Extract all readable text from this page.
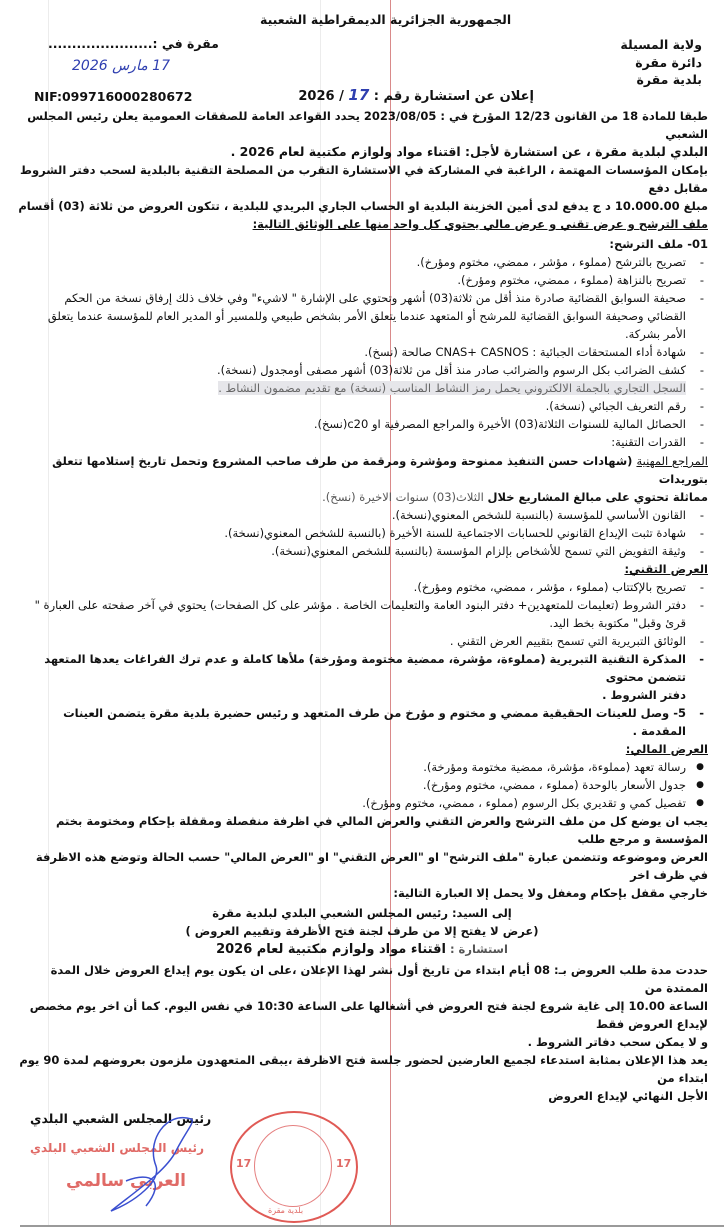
الجمهورية الجزائرية الديمقراطية الشعبية
ولاية المسيلة
دائرة مقرة
بلدية مقرة
مقرة في :......................
17 مارس 2026
NIF:099716000280672	إعلان عن استشارة رقم : 17 / 2026
طبقا للمادة 18 من القانون 12/23 المؤرخ في : 2023/08/05 يحدد القواعد العامة للصفقات العمومية يعلن رئيس المجلس الشعبي
البلدي لبلدية مقرة ، عن استشارة لأجل: اقتناء مواد ولوازم مكتبية لعام 2026 .
بإمكان المؤسسات المهتمة ، الراغبة في المشاركة في الاستشارة التقرب من المصلحة التقنية بالبلدية لسحب دفتر الشروط مقابل دفع
مبلغ 10.000.00 د ج يدفع لدى أمين الخزينة البلدية او الحساب الجاري البريدي للبلدية ، تتكون العروض من ثلاثة (03) أقسام
ملف الترشح و عرض تقني و عرض مالي يحتوي كل واحد منها على الوثائق التالية:
01- ملف الترشح:
-
تصريح بالترشح (مملوء ، مؤشر ، ممضي، مختوم ومؤرخ).
-
تصريح بالنزاهة (مملوء ، ممضي، مختوم ومؤرخ).
-
صحيفة السوابق القضائية صادرة منذ أقل من ثلاثة(03) أشهر وتحتوي على الإشارة " لاشيء" وفي خلاف ذلك إرفاق نسخة من الحكم
القضائي وصحيفة السوابق القضائية للمرشح أو المتعهد عندما يتعلق الأمر بشخص طبيعي وللمسير أو المدير العام للمؤسسة عندما يتعلق
الأمر بشركة.
-
شهادة أداء المستحقات الجبائية : CNAS+ CASNOS صالحة (نسخ).
-
كشف الضرائب بكل الرسوم والضرائب صادر منذ أقل من ثلاثة(03) أشهر مصفى أومجدول (نسخة).
-
السجل التجاري بالجملة الالكتروني يحمل رمز النشاط المناسب (نسخة) مع تقديم مضمون النشاط .
-
رقم التعريف الجبائي (نسخة).
-
الحصائل المالية للسنوات الثلاثة(03) الأخيرة والمراجع المصرفية او c20(نسخ).
-
القدرات التقنية:
المراجع المهنية (شهادات حسن التنفيذ ممنوحة ومؤشرة ومرقمة من طرف صاحب المشروع وتحمل تاريخ إستلامها تتعلق بتوريدات
مماثلة تحتوي على مبالغ المشاريع خلال الثلاث(03) سنوات الاخيرة (نسخ).
-
القانون الأساسي للمؤسسة (بالنسبة للشخص المعنوي(نسخة).
-
شهادة تثبت الإيداع القانوني للحسابات الاجتماعية للسنة الأخيرة (بالنسبة للشخص المعنوي(نسخة).
-
وثيقة التفويض التي تسمح للأشخاص بإلزام المؤسسة (بالنسبة للشخص المعنوي(نسخة).
العرض التقني:
-
تصريح بالإكتتاب (مملوء ، مؤشر ، ممضي، مختوم ومؤرخ).
-
دفتر الشروط (تعليمات للمتعهدين+ دفتر البنود العامة والتعليمات الخاصة . مؤشر على كل الصفحات) يحتوي في آخر صفحته على العبارة "
قرئ وقبل" مكتوبة بخط اليد.
-
الوثائق التبريرية التي تسمح بتقييم العرض التقني .
-
المذكرة التقنية التبريرية (مملوءة، مؤشرة، ممضية مختومة ومؤرخة) ملأها كاملة و عدم ترك الفراغات يعدها المتعهد تتضمن محتوى
دفتر الشروط .
-
5- وصل للعينات الحقيقية ممضي و مختوم و مؤرخ من طرف المتعهد و رئيس حضيرة بلدية مقرة يتضمن العينات المقدمة .
العرض المالي:
●
رسالة تعهد (مملوءة، مؤشرة، ممضية مختومة ومؤرخة).
●
جدول الأسعار بالوحدة (مملوء ، ممضي، مختوم ومؤرخ).
●
تفصيل كمي و تقديري بكل الرسوم (مملوء ، ممضي، مختوم ومؤرخ).
يجب ان يوضع كل من ملف الترشح والعرض التقني والعرض المالي في اظرفة منفصلة ومقفلة بإحكام ومختومة بختم المؤسسة و مرجع طلب
العرض وموضوعه وتتضمن عبارة "ملف الترشح" او "العرض التقني" او "العرض المالي" حسب الحالة وتوضع هذه الاظرفة في ظرف اخر
خارجي مقفل بإحكام ومغفل ولا يحمل إلا العبارة التالية:
إلى السيد: رئيس المجلس الشعبي البلدي لبلدية مقرة
(عرض لا يفتح إلا من طرف لجنة فتح الأظرفة وتقييم العروض )
استشارة : اقتناء مواد ولوازم مكتبية لعام 2026
حددت مدة طلب العروض بـ: 08 أيام ابتداء من تاريخ أول نشر لهذا الإعلان ،على ان يكون يوم إيداع العروض خلال المدة الممتدة من
الساعة 10.00 إلى غاية شروع لجنة فتح العروض في أشغالها على الساعة 10:30 في نفس اليوم. كما أن اخر يوم مخصص لإيداع العروض فقط
و لا يمكن سحب دفاتر الشروط .
يعد هذا الإعلان بمثابة استدعاء لجميع العارضين لحضور جلسة فتح الاظرفة ،يبقى المتعهدون ملزمون بعروضهم لمدة 90 يوم ابتداء من
الأجل النهائي لإيداع العروض
رئيس المجلس الشعبي البلدي
17	17
بلدية مقرة
رئيس المجلس الشعبي البلدي
العربي سالمي
